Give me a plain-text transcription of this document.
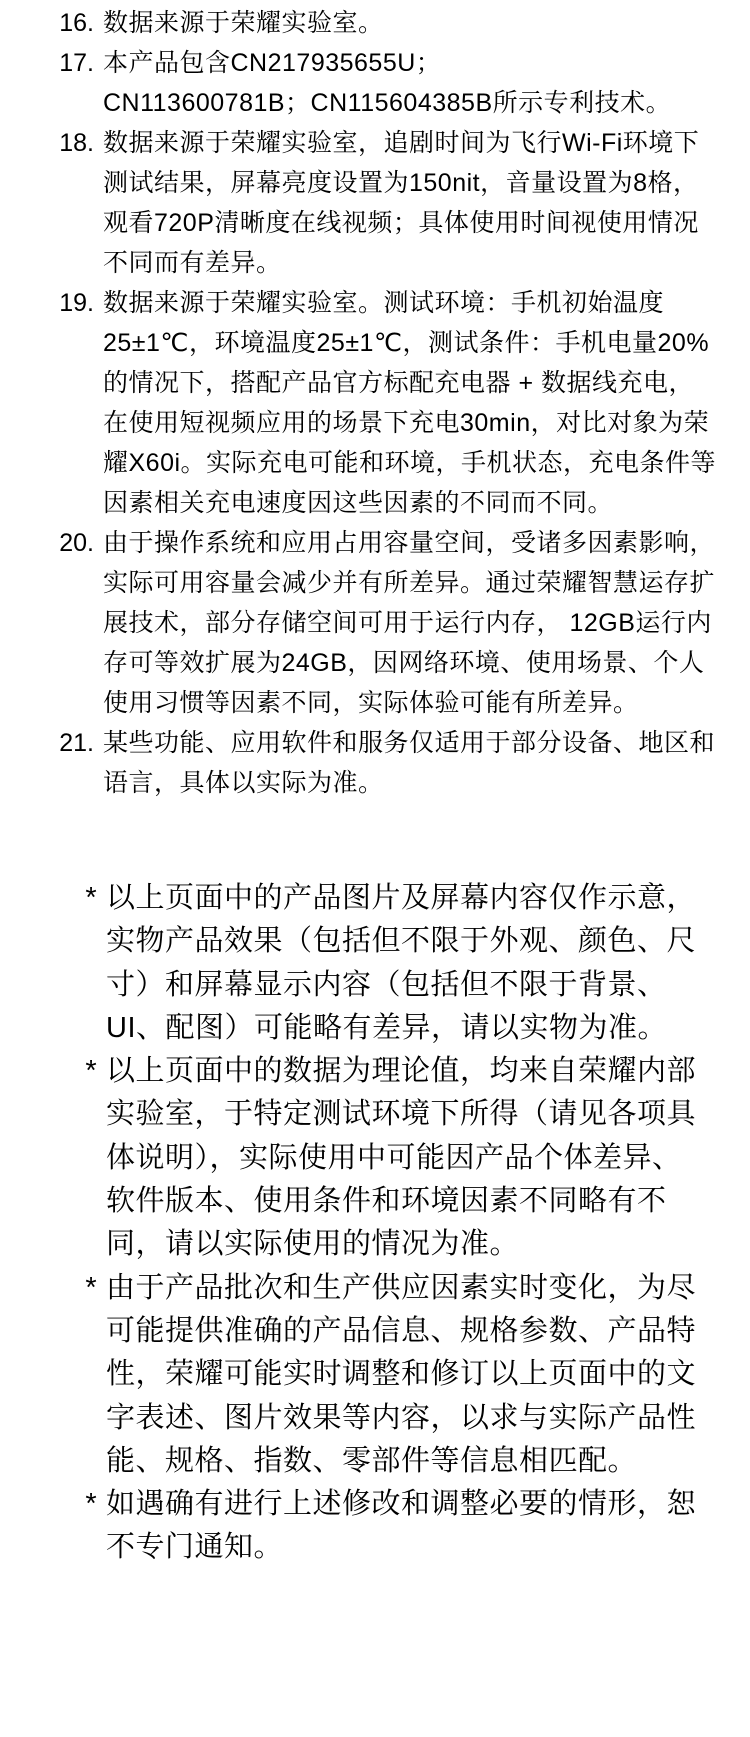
16. 数据来源于荣耀实验室。
17. 本产品包含CN217935655U；
CN113600781B；CN115604385B所示专利技术。
18. 数据来源于荣耀实验室，追剧时间为飞行Wi-Fi环境下
测试结果，屏幕亮度设置为150nit，音量设置为8格，
观看720P清晰度在线视频；具体使用时间视使用情况
不同而有差异。
19. 数据来源于荣耀实验室。测试环境：手机初始温度
25±1℃，环境温度25±1℃，测试条件：手机电量20%
的情况下，搭配产品官方标配充电器 + 数据线充电，
在使用短视频应用的场景下充电30min，对比对象为荣
耀X60i。实际充电可能和环境，手机状态，充电条件等
因素相关充电速度因这些因素的不同而不同。
20. 由于操作系统和应用占用容量空间，受诸多因素影响，
实际可用容量会减少并有所差异。通过荣耀智慧运存扩
展技术，部分存储空间可用于运行内存， 12GB运行内
存可等效扩展为24GB，因网络环境、使用场景、个人
使用习惯等因素不同，实际体验可能有所差异。
21. 某些功能、应用软件和服务仅适用于部分设备、地区和
语言，具体以实际为准。
* 以上页面中的产品图片及屏幕内容仅作示意，
实物产品效果（包括但不限于外观、颜色、尺
寸）和屏幕显示内容（包括但不限于背景、
UI、配图）可能略有差异，请以实物为准。
* 以上页面中的数据为理论值，均来自荣耀内部
实验室，于特定测试环境下所得（请见各项具
体说明），实际使用中可能因产品个体差异、
软件版本、使用条件和环境因素不同略有不
同，请以实际使用的情况为准。
* 由于产品批次和生产供应因素实时变化，为尽
可能提供准确的产品信息、规格参数、产品特
性，荣耀可能实时调整和修订以上页面中的文
字表述、图片效果等内容，以求与实际产品性
能、规格、指数、零部件等信息相匹配。
* 如遇确有进行上述修改和调整必要的情形，恕
不专门通知。
